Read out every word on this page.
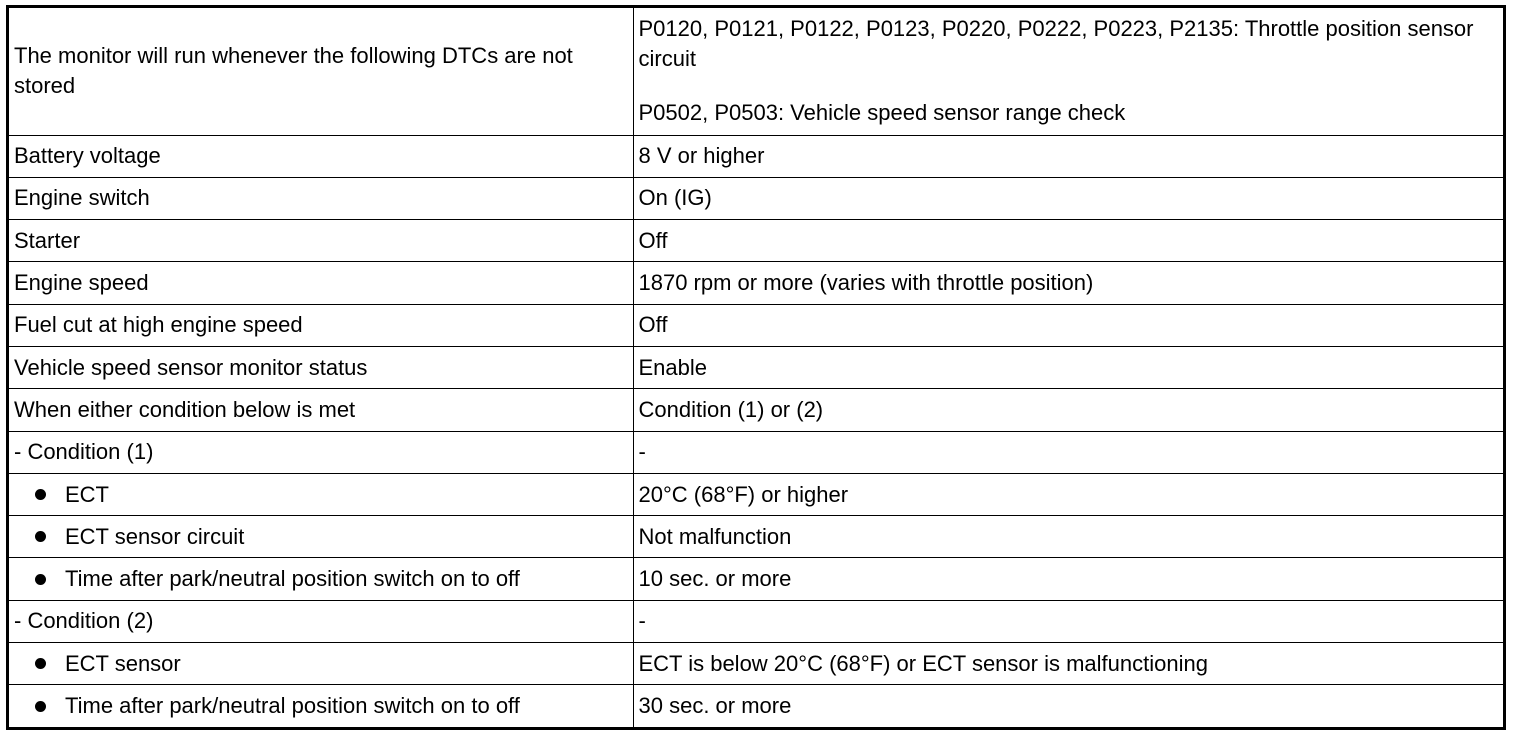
The monitor will run whenever the following DTCs are not stored	P0120, P0121, P0122, P0123, P0220, P0222, P0223, P2135: Throttle position sensor circuit

P0502, P0503: Vehicle speed sensor range check

Battery voltage	8 V or higher
Engine switch	On (IG)
Starter	Off
Engine speed	1870 rpm or more (varies with throttle position)
Fuel cut at high engine speed	Off
Vehicle speed sensor monitor status	Enable
When either condition below is met	Condition (1) or (2)
- Condition (1)	-

ECT	20°C (68°F) or higher

ECT sensor circuit	Not malfunction

Time after park/neutral position switch on to off	10 sec. or more
- Condition (2)	-

ECT sensor	ECT is below 20°C (68°F) or ECT sensor is malfunctioning

Time after park/neutral position switch on to off	30 sec. or more
